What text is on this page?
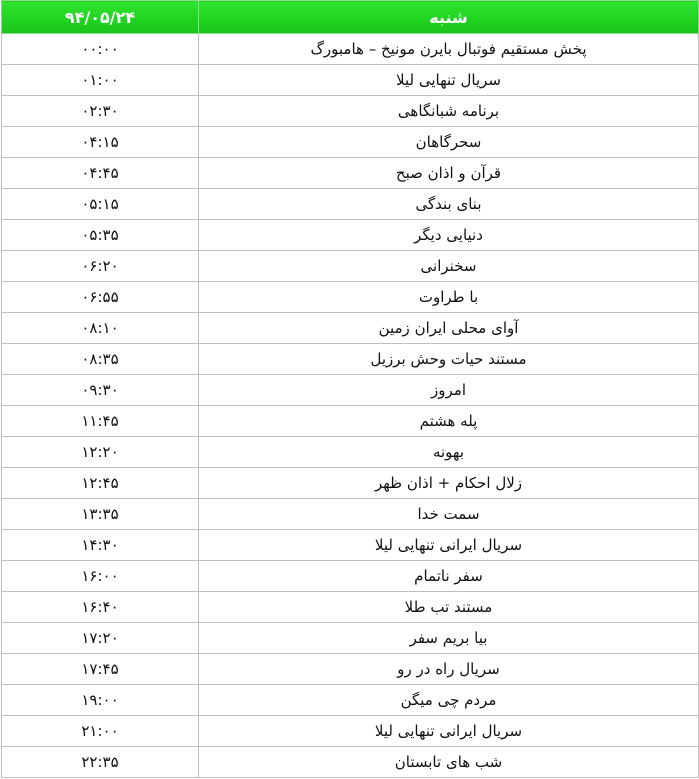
شنبه	۹۴/۰۵/۲۴
پخش مستقیم فوتبال بایرن مونیخ – هامبورگ	۰۰:۰۰
سریال تنهایی لیلا	۰۱:۰۰
برنامه شبانگاهی	۰۲:۳۰
سحرگاهان	۰۴:۱۵
قرآن و اذان صبح	۰۴:۴۵
بنای بندگی	۰۵:۱۵
دنیایی دیگر	۰۵:۳۵
سخنرانی	۰۶:۲۰
با طراوت	۰۶:۵۵
آوای محلی ایران زمین	۰۸:۱۰
مستند حیات وحش برزیل	۰۸:۳۵
امروز	۰۹:۳۰
پله هشتم	۱۱:۴۵
بهونه	۱۲:۲۰
زلال احکام + اذان ظهر	۱۲:۴۵
سمت خدا	۱۳:۳۵
سریال ایرانی تنهایی لیلا	۱۴:۳۰
سفر ناتمام	۱۶:۰۰
مستند تب طلا	۱۶:۴۰
بیا بریم سفر	۱۷:۲۰
سریال راه در رو	۱۷:۴۵
مردم چی میگن	۱۹:۰۰
سریال ایرانی تنهایی لیلا	۲۱:۰۰
شب های تابستان	۲۲:۳۵
